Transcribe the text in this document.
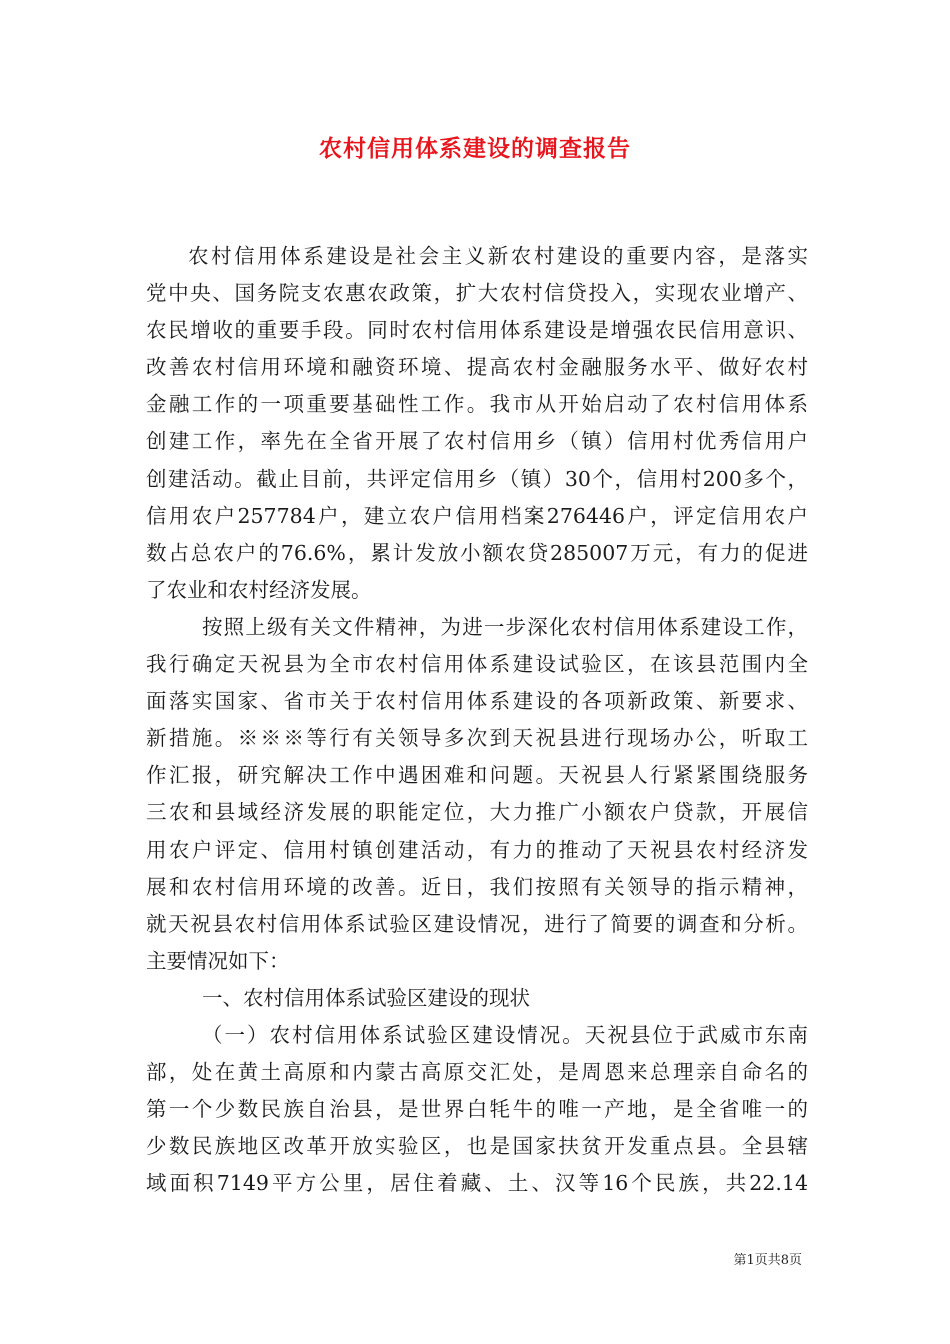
农村信用体系建设的调查报告
农村信用体系建设是社会主义新农村建设的重要内容，是落实
党中央、国务院支农惠农政策，扩大农村信贷投入，实现农业增产、
农民增收的重要手段。同时农村信用体系建设是增强农民信用意识、
改善农村信用环境和融资环境、提高农村金融服务水平、做好农村
金融工作的一项重要基础性工作。我市从开始启动了农村信用体系
创建工作，率先在全省开展了农村信用乡（镇）信用村优秀信用户
创建活动。截止目前，共评定信用乡（镇）30个，信用村200多个，
信用农户257784户，建立农户信用档案276446户，评定信用农户
数占总农户的76.6%，累计发放小额农贷285007万元，有力的促进
了农业和农村经济发展。
按照上级有关文件精神，为进一步深化农村信用体系建设工作，
我行确定天祝县为全市农村信用体系建设试验区，在该县范围内全
面落实国家、省市关于农村信用体系建设的各项新政策、新要求、
新措施。※※※等行有关领导多次到天祝县进行现场办公，听取工
作汇报，研究解决工作中遇困难和问题。天祝县人行紧紧围绕服务
三农和县域经济发展的职能定位，大力推广小额农户贷款，开展信
用农户评定、信用村镇创建活动，有力的推动了天祝县农村经济发
展和农村信用环境的改善。近日，我们按照有关领导的指示精神，
就天祝县农村信用体系试验区建设情况，进行了简要的调查和分析。
主要情况如下：
一、农村信用体系试验区建设的现状
（一）农村信用体系试验区建设情况。天祝县位于武威市东南
部，处在黄土高原和内蒙古高原交汇处，是周恩来总理亲自命名的
第一个少数民族自治县，是世界白牦牛的唯一产地，是全省唯一的
少数民族地区改革开放实验区，也是国家扶贫开发重点县。全县辖
域面积7149平方公里，居住着藏、土、汉等16个民族，共22.14
第1页共8页
